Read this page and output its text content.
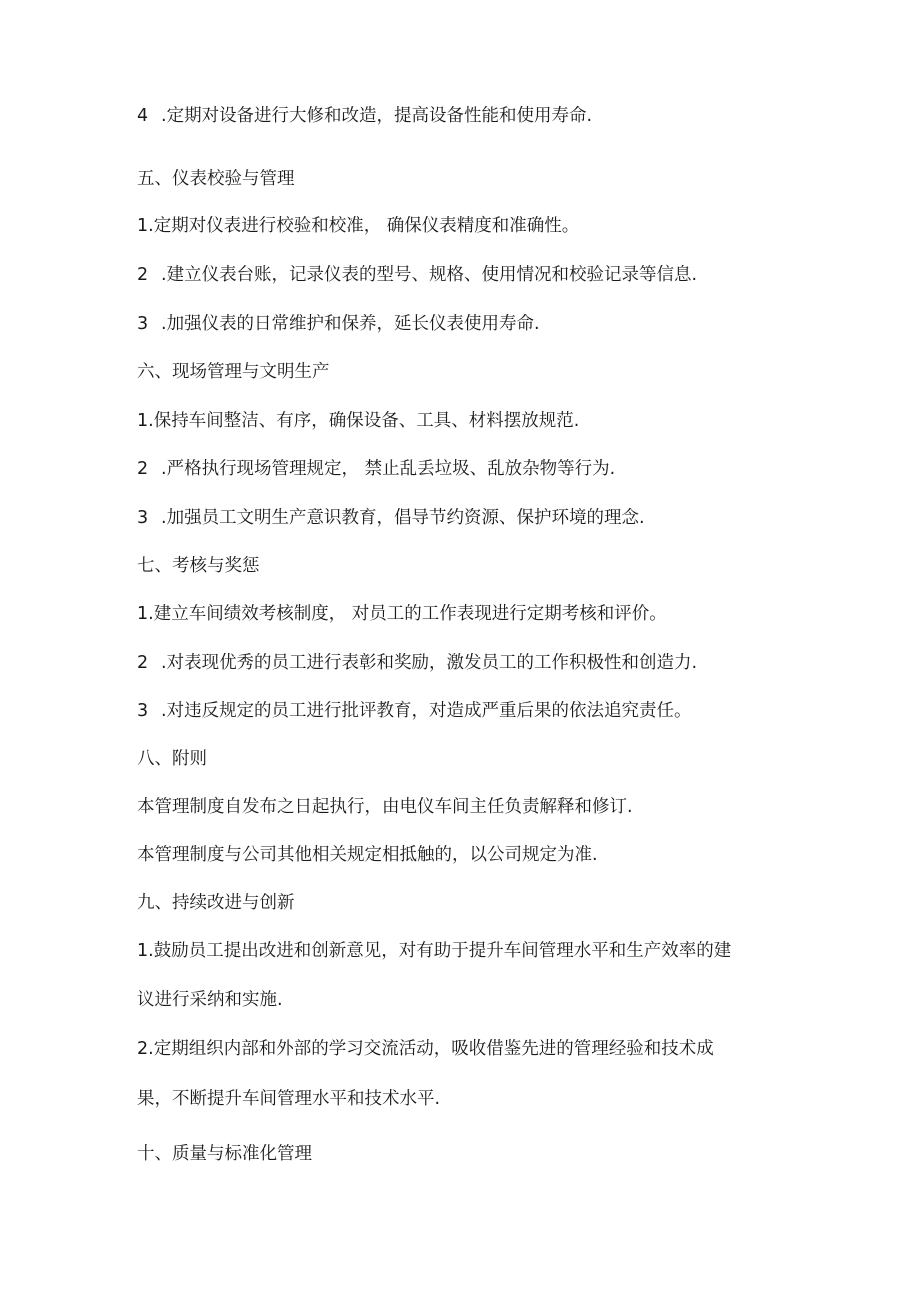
4 .定期对设备进行大修和改造，提高设备性能和使用寿命.
五、仪表校验与管理
1.定期对仪表进行校验和校准， 确保仪表精度和准确性。
2 .建立仪表台账，记录仪表的型号、规格、使用情况和校验记录等信息.
3 .加强仪表的日常维护和保养，延长仪表使用寿命.
六、现场管理与文明生产
1.保持车间整洁、有序，确保设备、工具、材料摆放规范.
2 .严格执行现场管理规定， 禁止乱丢垃圾、乱放杂物等行为.
3 .加强员工文明生产意识教育，倡导节约资源、保护环境的理念.
七、考核与奖惩
1.建立车间绩效考核制度， 对员工的工作表现进行定期考核和评价。
2 .对表现优秀的员工进行表彰和奖励，激发员工的工作积极性和创造力.
3 .对违反规定的员工进行批评教育，对造成严重后果的依法追究责任。
八、附则
本管理制度自发布之日起执行，由电仪车间主任负责解释和修订.
本管理制度与公司其他相关规定相抵触的，以公司规定为准.
九、持续改进与创新
1.鼓励员工提出改进和创新意见，对有助于提升车间管理水平和生产效率的建
议进行采纳和实施.
2.定期组织内部和外部的学习交流活动，吸收借鉴先进的管理经验和技术成
果，不断提升车间管理水平和技术水平.
十、质量与标准化管理
